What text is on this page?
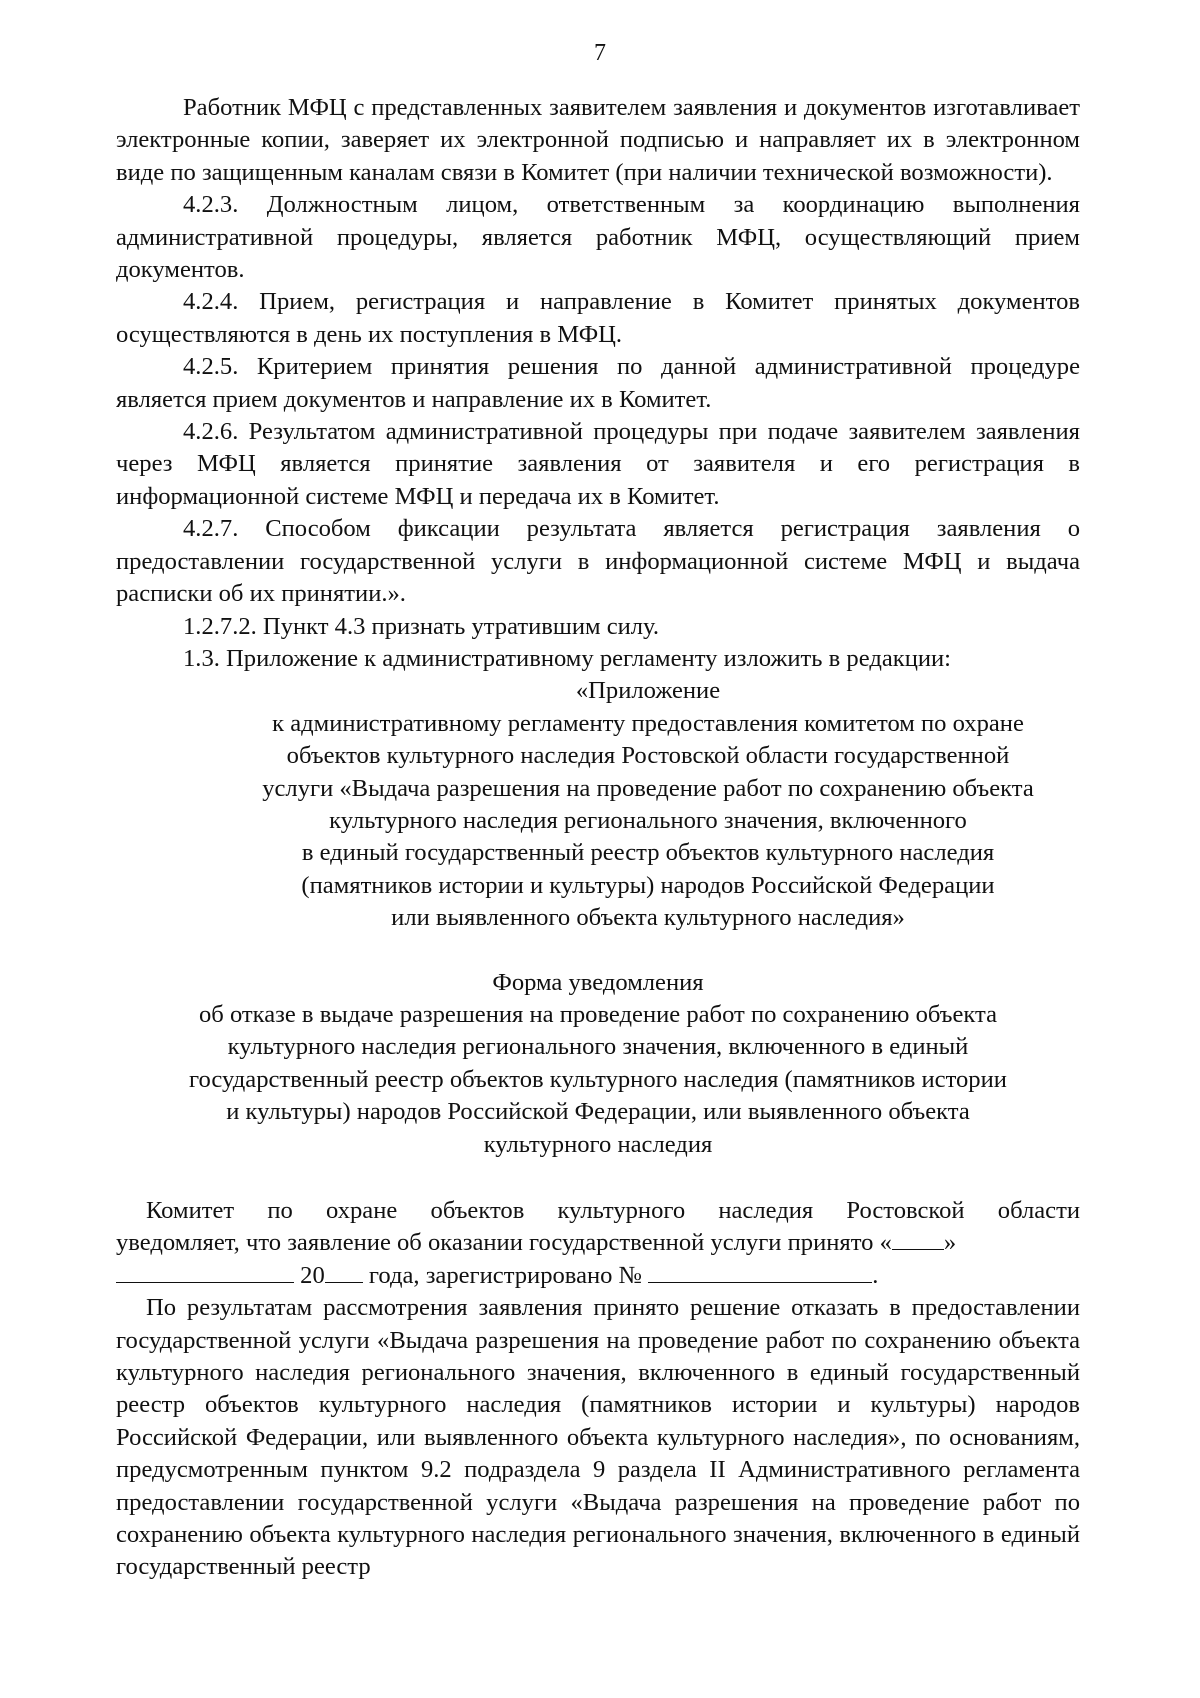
7

Работник МФЦ с представленных заявителем заявления и документов изготавливает электронные копии, заверяет их электронной подписью и направляет их в электронном виде по защищенным каналам связи в Комитет (при наличии технической возможности).

4.2.3. Должностным лицом, ответственным за координацию выполнения административной процедуры, является работник МФЦ, осуществляющий прием документов.

4.2.4. Прием, регистрация и направление в Комитет принятых документов осуществляются в день их поступления в МФЦ.

4.2.5. Критерием принятия решения по данной административной процедуре является прием документов и направление их в Комитет.

4.2.6. Результатом административной процедуры при подаче заявителем заявления через МФЦ является принятие заявления от заявителя и его регистрация в информационной системе МФЦ и передача их в Комитет.

4.2.7. Способом фиксации результата является регистрация заявления о предоставлении государственной услуги в информационной системе МФЦ и выдача расписки об их принятии.».

1.2.7.2. Пункт 4.3 признать утратившим силу.

1.3. Приложение к административному регламенту изложить в редакции:

«Приложение
к административному регламенту предоставления комитетом по охране
объектов культурного наследия Ростовской области государственной
услуги «Выдача разрешения на проведение работ по сохранению объекта
культурного наследия регионального значения, включенного
в единый государственный реестр объектов культурного наследия
(памятников истории и культуры) народов Российской Федерации
или выявленного объекта культурного наследия»
Форма уведомления
об отказе в выдаче разрешения на проведение работ по сохранению объекта
культурного наследия регионального значения, включенного в единый
государственный реестр объектов культурного наследия (памятников истории
и культуры) народов Российской Федерации, или выявленного объекта
культурного наследия
Комитет по охране объектов культурного наследия Ростовской области
уведомляет, что заявление об оказании государственной услуги принято « »
20 года, зарегистрировано №	.

По результатам рассмотрения заявления принято решение отказать в предоставлении государственной услуги «Выдача разрешения на проведение работ по сохранению объекта культурного наследия регионального значения, включенного в единый государственный реестр объектов культурного наследия (памятников истории и культуры) народов Российской Федерации, или выявленного объекта культурного наследия», по основаниям, предусмотренным пунктом 9.2 подраздела 9 раздела II Административного регламента предоставлении государственной услуги «Выдача разрешения на проведение работ по сохранению объекта культурного наследия регионального значения, включенного в единый государственный реестр
